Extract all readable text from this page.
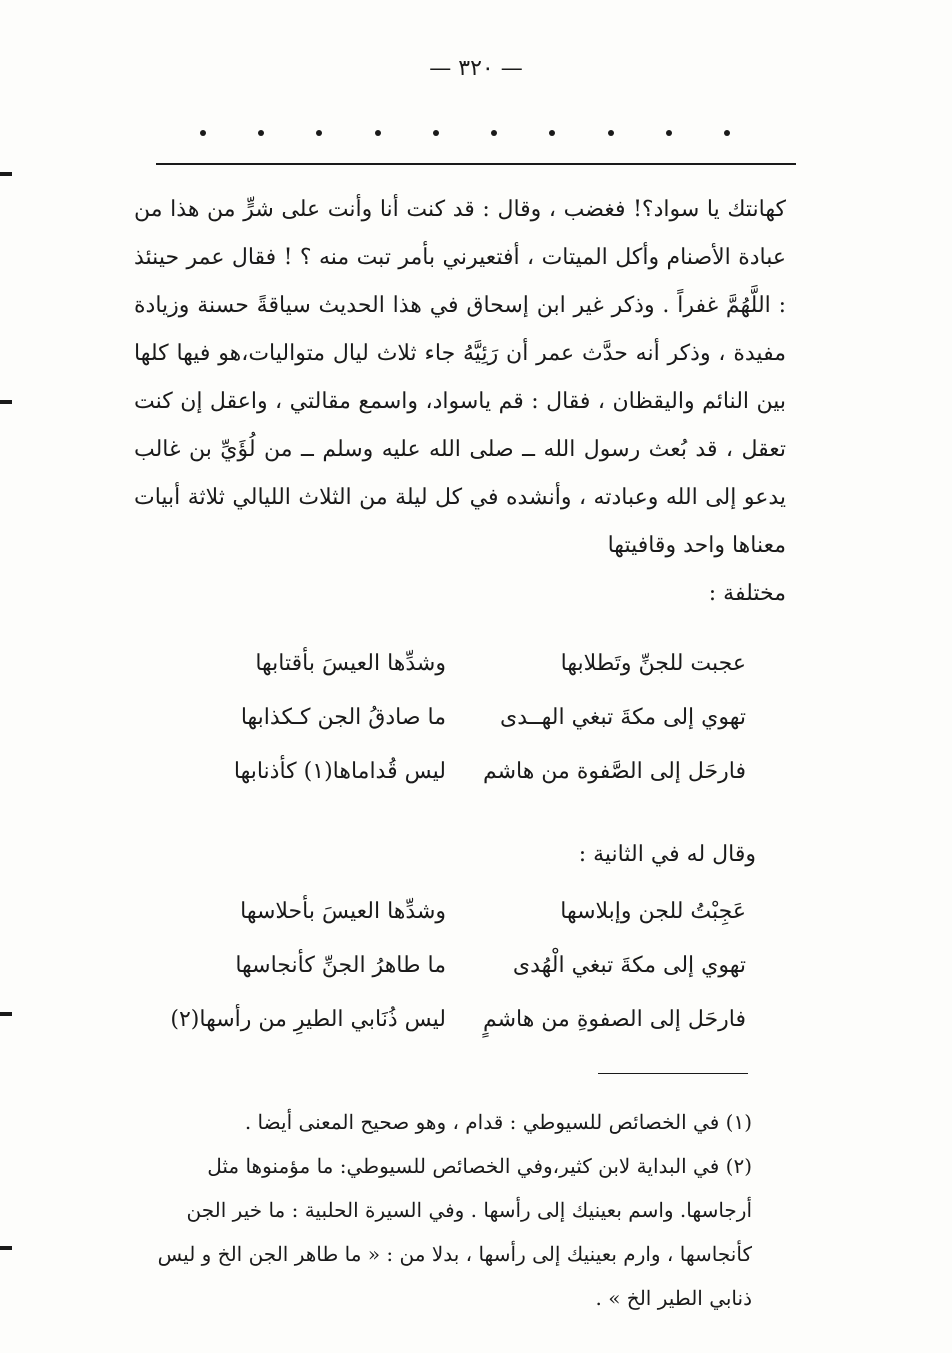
— ٣٢٠ —

كهانتك يا سواد؟! فغضب ، وقال : قد كنت أنا وأنت على شرٍّ من هذا من عبادة الأصنام وأكل الميتات ، أفتعيرني بأمر تبت منه ؟ ! فقال عمر حينئذ : اللَّهُمَّ غفراً . وذكر غير ابن إسحاق في هذا الحديث سياقةً حسنة وزيادة مفيدة ، وذكر أنه حدَّث عمر أن رَئِيَّهُ جاء ثلاث ليال متواليات،هو فيها كلها بين النائم واليقظان ، فقال : قم ياسواد، واسمع مقالتي ، واعقل إن كنت تعقل ، قد بُعث رسول الله ــ صلى الله عليه وسلم ــ من لُؤَيِّ بن غالب يدعو إلى الله وعبادته ، وأنشده في كل ليلة من الثلاث الليالي ثلاثة أبيات معناها واحد وقافيتها

مختلفة :

عجبت للجنِّ وتَطلابها
وشدِّها العيسَ بأقتابها
تهوي إلى مكةَ تبغي الهــدى
ما صادقُ الجن كـكذابها
فارحَل إلى الصَّفوة من هاشم
ليس قُداماها(١) كأذنابها
وقال له في الثانية :
عَجِبْتُ للجن وإبلاسها
وشدِّها العيسَ بأحلاسها
تهوي إلى مكةَ تبغي الْهُدى
ما طاهرُ الجنِّ كأنجاسها
فارحَل إلى الصفوةِ من هاشمٍ
ليس ذُنَابي الطيرِ من رأسها(٢)

(١) في الخصائص للسيوطي : قدام ، وهو صحيح المعنى أيضا .

(٢) في البداية لابن كثير،وفي الخصائص للسيوطي: ما مؤمنوها مثل أرجاسها. واسم بعينيك إلى رأسها . وفي السيرة الحلبية : ما خير الجن كأنجاسها ، وارم بعينيك إلى رأسها ، بدلا من : « ما طاهر الجن الخ و ليس ذنابي الطير الخ » .
